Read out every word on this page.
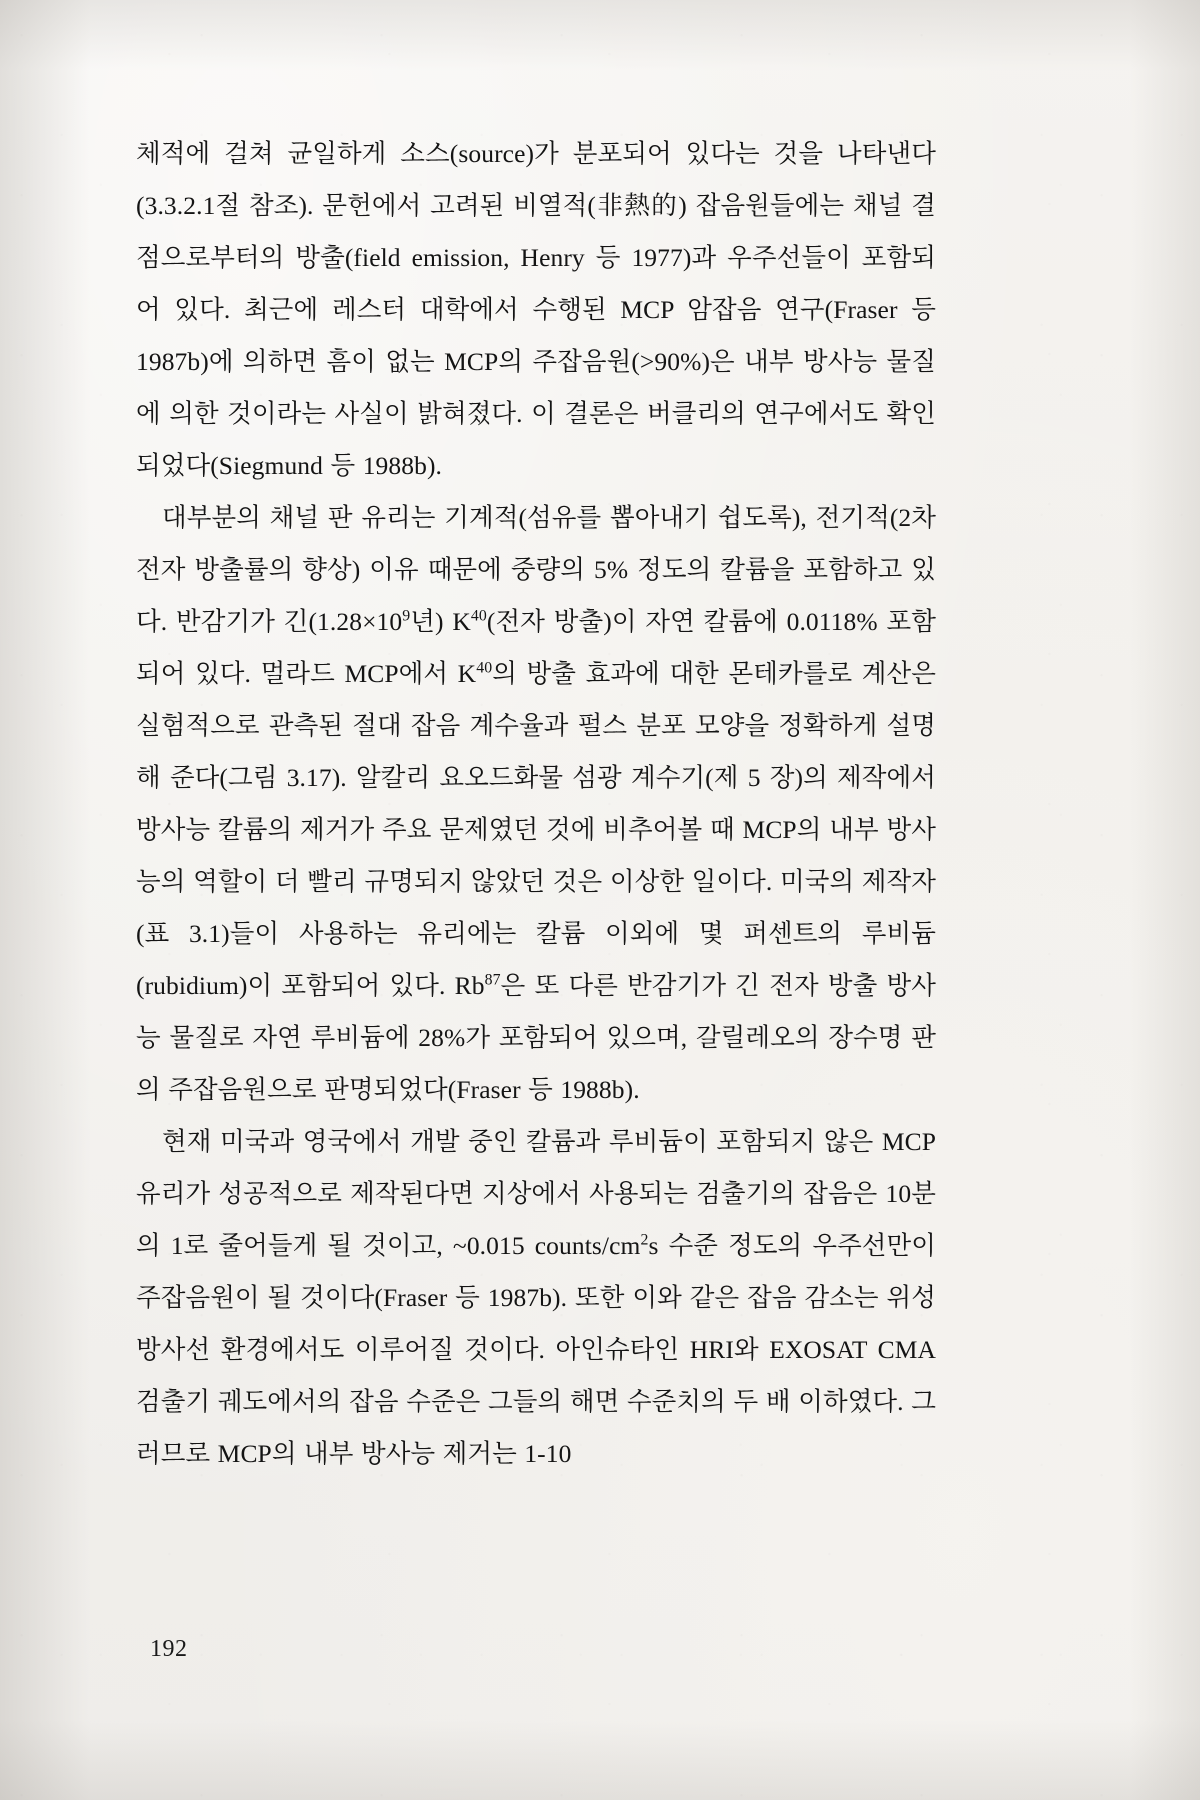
체적에 걸쳐 균일하게 소스(source)가 분포되어 있다는 것을 나타낸다(3.3.2.1절 참조). 문헌에서 고려된 비열적(非熱的) 잡음원들에는 채널 결점으로부터의 방출(field emission, Henry 등 1977)과 우주선들이 포함되어 있다. 최근에 레스터 대학에서 수행된 MCP 암잡음 연구(Fraser 등 1987b)에 의하면 흠이 없는 MCP의 주잡음원(>90%)은 내부 방사능 물질에 의한 것이라는 사실이 밝혀졌다. 이 결론은 버클리의 연구에서도 확인되었다(Siegmund 등 1988b).

대부분의 채널 판 유리는 기계적(섬유를 뽑아내기 쉽도록), 전기적(2차 전자 방출률의 향상) 이유 때문에 중량의 5% 정도의 칼륨을 포함하고 있다. 반감기가 긴($1.28\times 10^9$년) $K^{40}$(전자 방출)이 자연 칼륨에 0.0118% 포함되어 있다. 멀라드 MCP에서 $K^{40}$의 방출 효과에 대한 몬테카를로 계산은 실험적으로 관측된 절대 잡음 계수율과 펄스 분포 모양을 정확하게 설명해 준다(그림 3.17). 알칼리 요오드화물 섬광 계수기(제 5 장)의 제작에서 방사능 칼륨의 제거가 주요 문제였던 것에 비추어볼 때 MCP의 내부 방사능의 역할이 더 빨리 규명되지 않았던 것은 이상한 일이다. 미국의 제작자(표 3.1)들이 사용하는 유리에는 칼륨 이외에 몇 퍼센트의 루비듐(rubidium)이 포함되어 있다. Rb$^{87}$은 또 다른 반감기가 긴 전자 방출 방사능 물질로 자연 루비듐에 28%가 포함되어 있으며, 갈릴레오의 장수명 판의 주잡음원으로 판명되었다(Fraser 등 1988b).

현재 미국과 영국에서 개발 중인 칼륨과 루비듐이 포함되지 않은 MCP 유리가 성공적으로 제작된다면 지상에서 사용되는 검출기의 잡음은 10분의 1로 줄어들게 될 것이고, ~0.015 counts/$cm^2s$ 수준 정도의 우주선만이 주잡음원이 될 것이다(Fraser 등 1987b). 또한 이와 같은 잡음 감소는 위성 방사선 환경에서도 이루어질 것이다. 아인슈타인 HRI와 EXOSAT CMA 검출기 궤도에서의 잡음 수준은 그들의 해면 수준치의 두 배 이하였다. 그러므로 MCP의 내부 방사능 제거는 1-10

192
